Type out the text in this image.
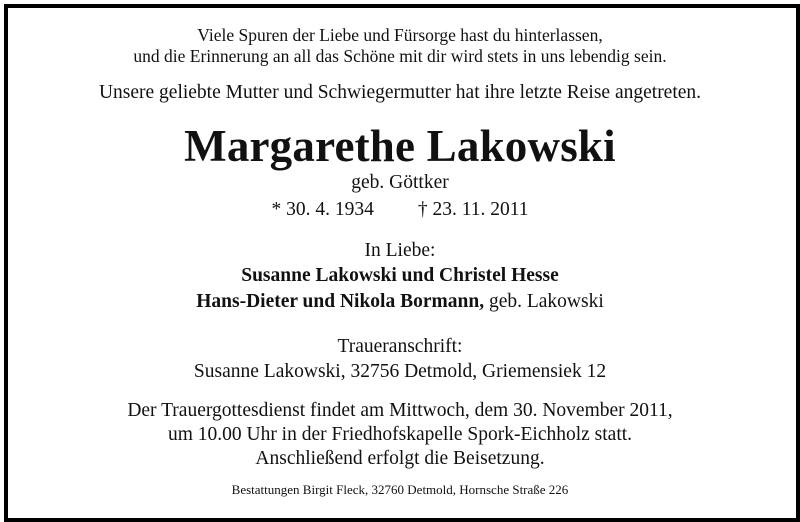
Viele Spuren der Liebe und Fürsorge hast du hinterlassen,
und die Erinnerung an all das Schöne mit dir wird stets in uns lebendig sein.
Unsere geliebte Mutter und Schwiegermutter hat ihre letzte Reise angetreten.
Margarethe Lakowski
geb. Göttker
* 30. 4. 1934 † 23. 11. 2011
In Liebe:
Susanne Lakowski und Christel Hesse
Hans-Dieter und Nikola Bormann, geb. Lakowski
Traueranschrift:
Susanne Lakowski, 32756 Detmold, Griemensiek 12
Der Trauergottesdienst findet am Mittwoch, dem 30. November 2011,
um 10.00 Uhr in der Friedhofskapelle Spork-Eichholz statt.
Anschließend erfolgt die Beisetzung.
Bestattungen Birgit Fleck, 32760 Detmold, Hornsche Straße 226
